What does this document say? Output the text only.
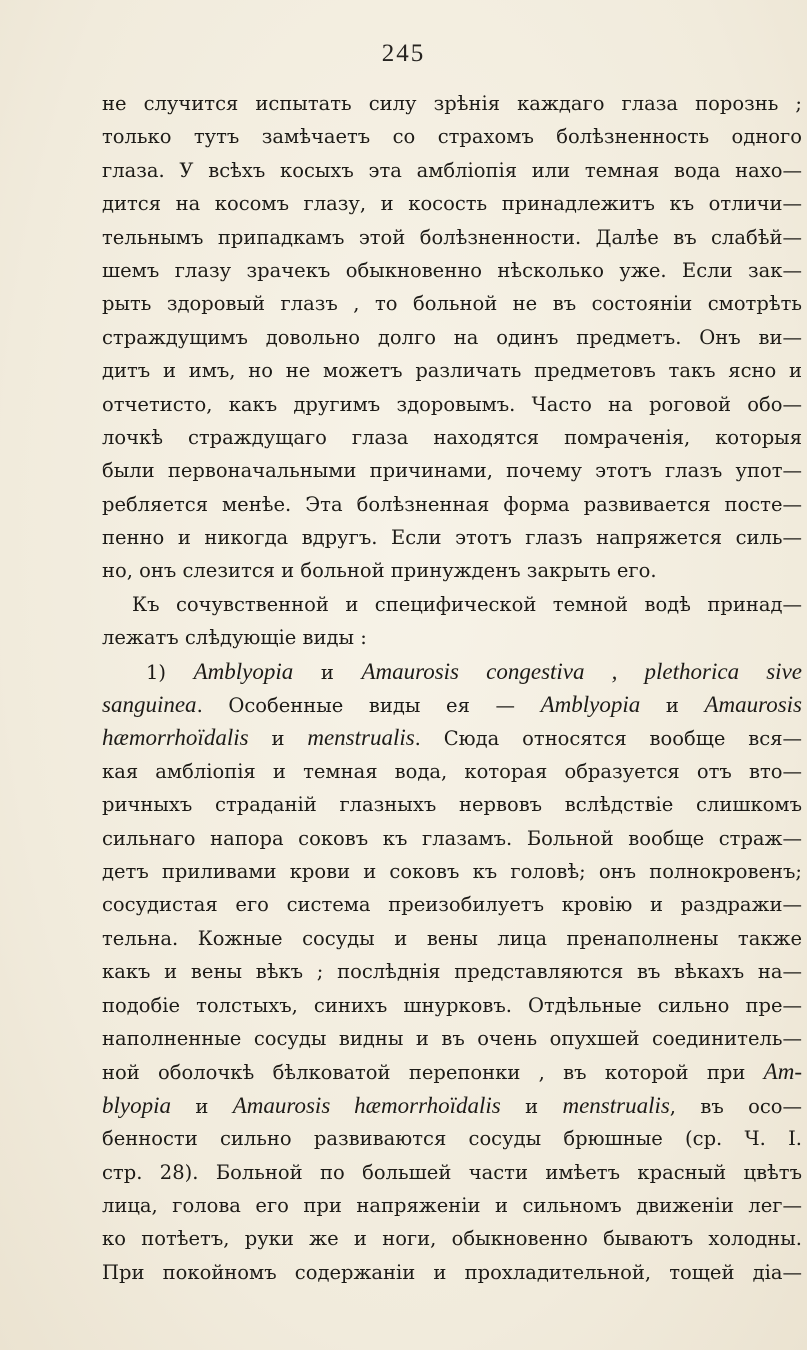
245
не случится испытать силу зрѣнія каждаго глаза порознь ;
только тутъ замѣчаетъ со страхомъ болѣзненность одного
глаза. У всѣхъ косыхъ эта амбліопія или темная вода нахо—
дится на косомъ глазу, и косость принадлежитъ къ отличи—
тельнымъ припадкамъ этой болѣзненности. Далѣе въ слабѣй—
шемъ глазу зрачекъ обыкновенно нѣсколько уже. Если зак—
рыть здоровый глазъ , то больной не въ состояніи смотрѣть
страждущимъ довольно долго на одинъ предметъ. Онъ ви—
дитъ и имъ, но не можетъ различать предметовъ такъ ясно и
отчетисто, какъ другимъ здоровымъ. Часто на роговой обо—
лочкѣ страждущаго глаза находятся помраченія, которыя
были первоначальными причинами, почему этотъ глазъ упот—
ребляется менѣе. Эта болѣзненная форма развивается посте—
пенно и никогда вдругъ. Если этотъ глазъ напряжется силь—
но, онъ слезится и больной принужденъ закрыть его.
Къ сочувственной и специфической темной водѣ принад—
лежатъ слѣдующіе виды :
1) Amblyopia и Amaurosis congestiva , plethorica sive
sanguinea. Особенные виды ея — Amblyopia и Amaurosis
hæmorrhoïdalis и menstrualis. Сюда относятся вообще вся—
кая амбліопія и темная вода, которая образуется отъ вто—
ричныхъ страданій глазныхъ нервовъ вслѣдствіе слишкомъ
сильнаго напора соковъ къ глазамъ. Больной вообще страж—
детъ приливами крови и соковъ къ головѣ; онъ полнокровенъ;
сосудистая его система преизобилуетъ кровію и раздражи—
тельна. Кожные сосуды и вены лица пренаполнены также
какъ и вены вѣкъ ; послѣднія представляются въ вѣкахъ на—
подобіе толстыхъ, синихъ шнурковъ. Отдѣльные сильно пре—
наполненные сосуды видны и въ очень опухшей соединитель—
ной оболочкѣ бѣлковатой перепонки , въ которой при Am-
blyopia и Amaurosis hæmorrhoïdalis и menstrualis, въ осо—
бенности сильно развиваются сосуды брюшные (ср. Ч. I.
стр. 28). Больной по большей части имѣетъ красный цвѣтъ
лица, голова его при напряженіи и сильномъ движеніи лег—
ко потѣетъ, руки же и ноги, обыкновенно бываютъ холодны.
При покойномъ содержаніи и прохладительной, тощей діа—
